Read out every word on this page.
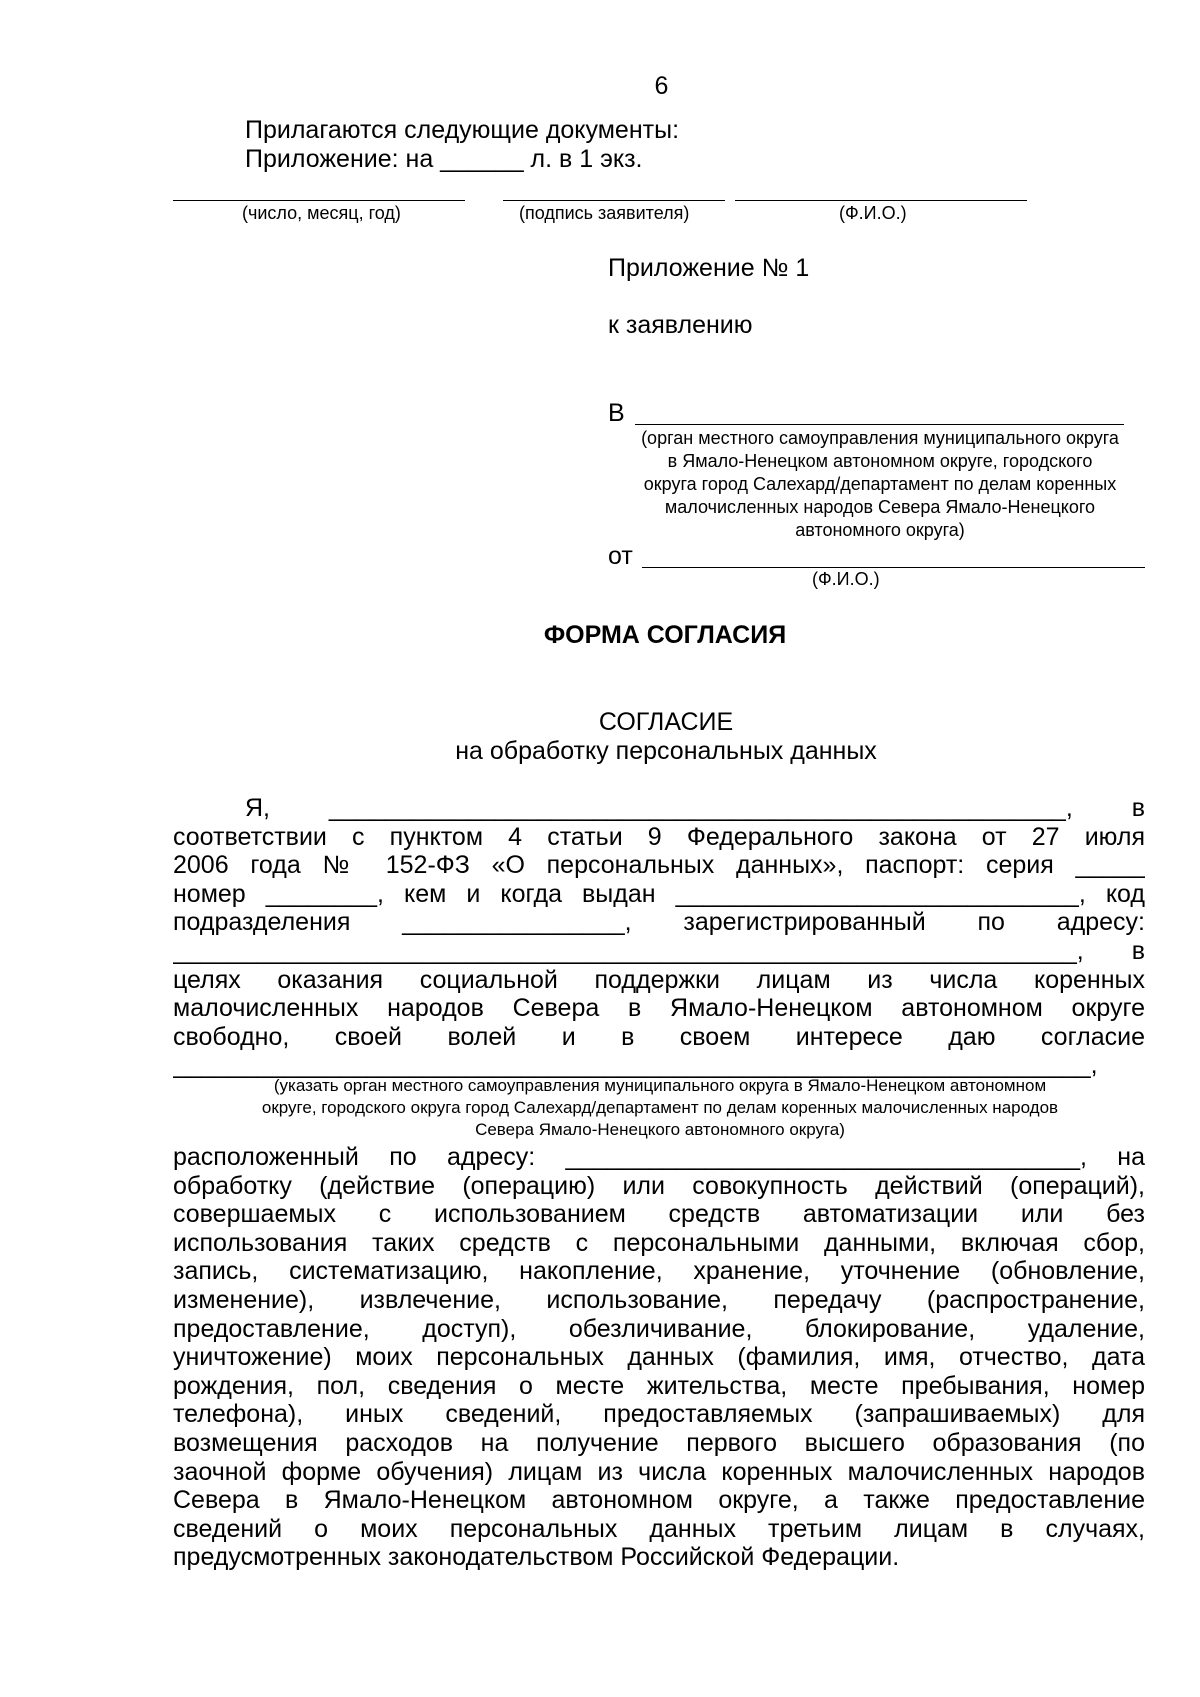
6
Прилагаются следующие документы:
Приложение: на ______ л. в 1 экз.
(число, месяц, год)	(подпись заявителя)	(Ф.И.О.)
Приложение № 1
к заявлению
В
(орган местного самоуправления муниципального округа
в Ямало-Ненецком автономном округе, городского
округа город Салехард/департамент по делам коренных
малочисленных народов Севера Ямало-Ненецкого
автономного округа)
от
(Ф.И.О.)
ФОРМА СОГЛАСИЯ
СОГЛАСИЕ
на обработку персональных данных
Я, _____________________________________________________, в
соответствии с пунктом 4 статьи 9 Федерального закона от 27 июля
2006 года № 152-ФЗ «О персональных данных», паспорт: серия _____
номер ________, кем и когда выдан _____________________________, код
подразделения ________________, зарегистрированный по адресу:
_________________________________________________________________, в
целях оказания социальной поддержки лицам из числа коренных
малочисленных народов Севера в Ямало-Ненецком автономном округе
свободно, своей волей и в своем интересе даю согласие
__________________________________________________________________,
(указать орган местного самоуправления муниципального округа в Ямало-Ненецком автономном
округе, городского округа город Салехард/департамент по делам коренных малочисленных народов
Севера Ямало-Ненецкого автономного округа)
расположенный по адресу: _____________________________________, на
обработку (действие (операцию) или совокупность действий (операций),
совершаемых с использованием средств автоматизации или без
использования таких средств с персональными данными, включая сбор,
запись, систематизацию, накопление, хранение, уточнение (обновление,
изменение), извлечение, использование, передачу (распространение,
предоставление, доступ), обезличивание, блокирование, удаление,
уничтожение) моих персональных данных (фамилия, имя, отчество, дата
рождения, пол, сведения о месте жительства, месте пребывания, номер
телефона), иных сведений, предоставляемых (запрашиваемых) для
возмещения расходов на получение первого высшего образования (по
заочной форме обучения) лицам из числа коренных малочисленных народов
Севера в Ямало-Ненецком автономном округе, а также предоставление
сведений о моих персональных данных третьим лицам в случаях,
предусмотренных законодательством Российской Федерации.
